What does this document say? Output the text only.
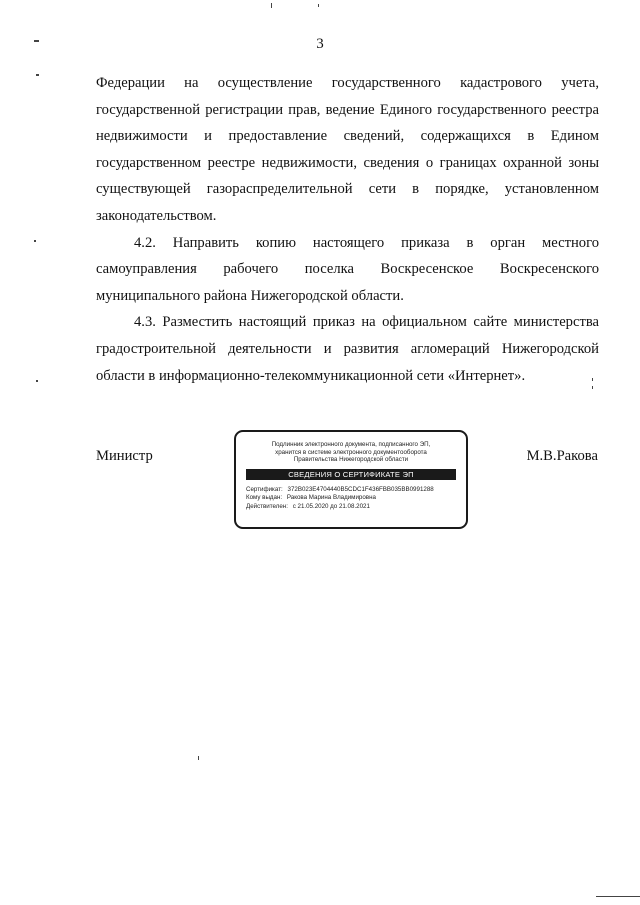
3

Федерации на осуществление государственного кадастрового учета, государственной регистрации прав, ведение Единого государственного реестра недвижимости и предоставление сведений, содержащихся в Едином государственном реестре недвижимости, сведения о границах охранной зоны существующей газораспределительной сети в порядке, установленном законодательством.

4.2. Направить копию настоящего приказа в орган местного самоуправления рабочего поселка Воскресенское Воскресенского муниципального района Нижегородской области.

4.3. Разместить настоящий приказ на официальном сайте министерства градостроительной деятельности и развития агломераций Нижегородской области в информационно-телекоммуникационной сети «Интернет».

Министр	М.В.Ракова
Подлинник электронного документа, подписанного ЭП,
хранится в системе электронного документооборота
Правительства Нижегородской области
СВЕДЕНИЯ О СЕРТИФИКАТЕ ЭП
Сертификат: 372B023E4704440B5CDC1F436FBB035BB0991288
Кому выдан: Ракова Марина Владимировна
Действителен: с 21.05.2020 до 21.08.2021
